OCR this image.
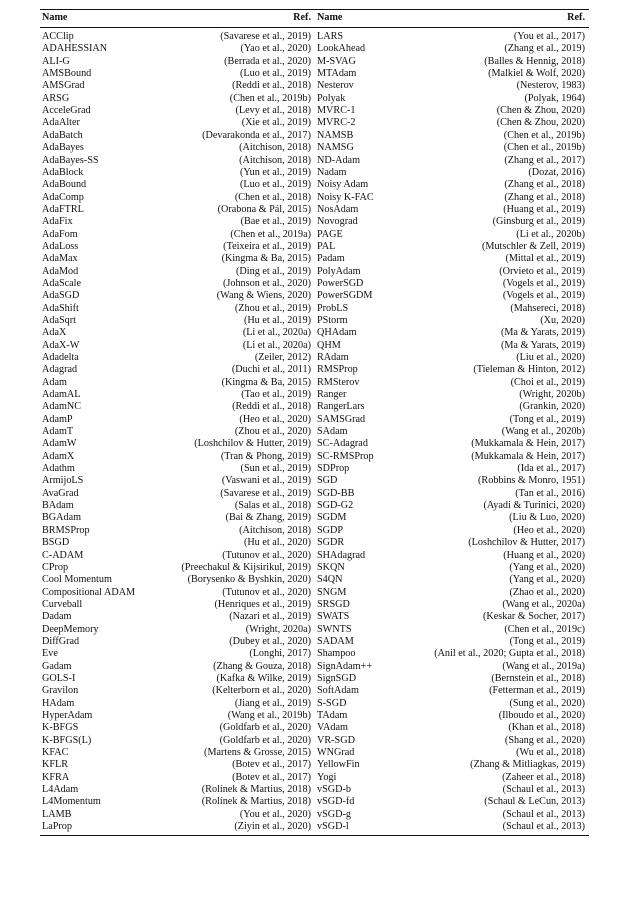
Name	Ref.	Name	Ref.
ACClip	(Savarese et al., 2019)	LARS	(You et al., 2017)
ADAHESSIAN	(Yao et al., 2020)	LookAhead	(Zhang et al., 2019)
ALI-G	(Berrada et al., 2020)	M-SVAG	(Balles & Hennig, 2018)
AMSBound	(Luo et al., 2019)	MTAdam	(Malkiel & Wolf, 2020)
AMSGrad	(Reddi et al., 2018)	Nesterov	(Nesterov, 1983)
ARSG	(Chen et al., 2019b)	Polyak	(Polyak, 1964)
AcceleGrad	(Levy et al., 2018)	MVRC-1	(Chen & Zhou, 2020)
AdaAlter	(Xie et al., 2019)	MVRC-2	(Chen & Zhou, 2020)
AdaBatch	(Devarakonda et al., 2017)	NAMSB	(Chen et al., 2019b)
AdaBayes	(Aitchison, 2018)	NAMSG	(Chen et al., 2019b)
AdaBayes-SS	(Aitchison, 2018)	ND-Adam	(Zhang et al., 2017)
AdaBlock	(Yun et al., 2019)	Nadam	(Dozat, 2016)
AdaBound	(Luo et al., 2019)	Noisy Adam	(Zhang et al., 2018)
AdaComp	(Chen et al., 2018)	Noisy K-FAC	(Zhang et al., 2018)
AdaFTRL	(Orabona & Pál, 2015)	NosAdam	(Huang et al., 2019)
AdaFix	(Bae et al., 2019)	Novograd	(Ginsburg et al., 2019)
AdaFom	(Chen et al., 2019a)	PAGE	(Li et al., 2020b)
AdaLoss	(Teixeira et al., 2019)	PAL	(Mutschler & Zell, 2019)
AdaMax	(Kingma & Ba, 2015)	Padam	(Mittal et al., 2019)
AdaMod	(Ding et al., 2019)	PolyAdam	(Orvieto et al., 2019)
AdaScale	(Johnson et al., 2020)	PowerSGD	(Vogels et al., 2019)
AdaSGD	(Wang & Wiens, 2020)	PowerSGDM	(Vogels et al., 2019)
AdaShift	(Zhou et al., 2019)	ProbLS	(Mahsereci, 2018)
AdaSqrt	(Hu et al., 2019)	PStorm	(Xu, 2020)
AdaX	(Li et al., 2020a)	QHAdam	(Ma & Yarats, 2019)
AdaX-W	(Li et al., 2020a)	QHM	(Ma & Yarats, 2019)
Adadelta	(Zeiler, 2012)	RAdam	(Liu et al., 2020)
Adagrad	(Duchi et al., 2011)	RMSProp	(Tieleman & Hinton, 2012)
Adam	(Kingma & Ba, 2015)	RMSterov	(Choi et al., 2019)
AdamAL	(Tao et al., 2019)	Ranger	(Wright, 2020b)
AdamNC	(Reddi et al., 2018)	RangerLars	(Grankin, 2020)
AdamP	(Heo et al., 2020)	SAMSGrad	(Tong et al., 2019)
AdamT	(Zhou et al., 2020)	SAdam	(Wang et al., 2020b)
AdamW	(Loshchilov & Hutter, 2019)	SC-Adagrad	(Mukkamala & Hein, 2017)
AdamX	(Tran & Phong, 2019)	SC-RMSProp	(Mukkamala & Hein, 2017)
Adathm	(Sun et al., 2019)	SDProp	(Ida et al., 2017)
ArmijoLS	(Vaswani et al., 2019)	SGD	(Robbins & Monro, 1951)
AvaGrad	(Savarese et al., 2019)	SGD-BB	(Tan et al., 2016)
BAdam	(Salas et al., 2018)	SGD-G2	(Ayadi & Turinici, 2020)
BGAdam	(Bai & Zhang, 2019)	SGDM	(Liu & Luo, 2020)
BRMSProp	(Aitchison, 2018)	SGDP	(Heo et al., 2020)
BSGD	(Hu et al., 2020)	SGDR	(Loshchilov & Hutter, 2017)
C-ADAM	(Tutunov et al., 2020)	SHAdagrad	(Huang et al., 2020)
CProp	(Preechakul & Kijsirikul, 2019)	SKQN	(Yang et al., 2020)
Cool Momentum	(Borysenko & Byshkin, 2020)	S4QN	(Yang et al., 2020)
Compositional ADAM	(Tutunov et al., 2020)	SNGM	(Zhao et al., 2020)
Curveball	(Henriques et al., 2019)	SRSGD	(Wang et al., 2020a)
Dadam	(Nazari et al., 2019)	SWATS	(Keskar & Socher, 2017)
DeepMemory	(Wright, 2020a)	SWNTS	(Chen et al., 2019c)
DiffGrad	(Dubey et al., 2020)	SADAM	(Tong et al., 2019)
Eve	(Longhi, 2017)	Shampoo	(Anil et al., 2020; Gupta et al., 2018)
Gadam	(Zhang & Gouza, 2018)	SignAdam++	(Wang et al., 2019a)
GOLS-I	(Kafka & Wilke, 2019)	SignSGD	(Bernstein et al., 2018)
Gravilon	(Kelterborn et al., 2020)	SoftAdam	(Fetterman et al., 2019)
HAdam	(Jiang et al., 2019)	S-SGD	(Sung et al., 2020)
HyperAdam	(Wang et al., 2019b)	TAdam	(Ilboudo et al., 2020)
K-BFGS	(Goldfarb et al., 2020)	VAdam	(Khan et al., 2018)
K-BFGS(L)	(Goldfarb et al., 2020)	VR-SGD	(Shang et al., 2020)
KFAC	(Martens & Grosse, 2015)	WNGrad	(Wu et al., 2018)
KFLR	(Botev et al., 2017)	YellowFin	(Zhang & Mitliagkas, 2019)
KFRA	(Botev et al., 2017)	Yogi	(Zaheer et al., 2018)
L4Adam	(Rolínek & Martius, 2018)	vSGD-b	(Schaul et al., 2013)
L4Momentum	(Rolínek & Martius, 2018)	vSGD-fd	(Schaul & LeCun, 2013)
LAMB	(You et al., 2020)	vSGD-g	(Schaul et al., 2013)
LaProp	(Ziyin et al., 2020)	vSGD-l	(Schaul et al., 2013)
